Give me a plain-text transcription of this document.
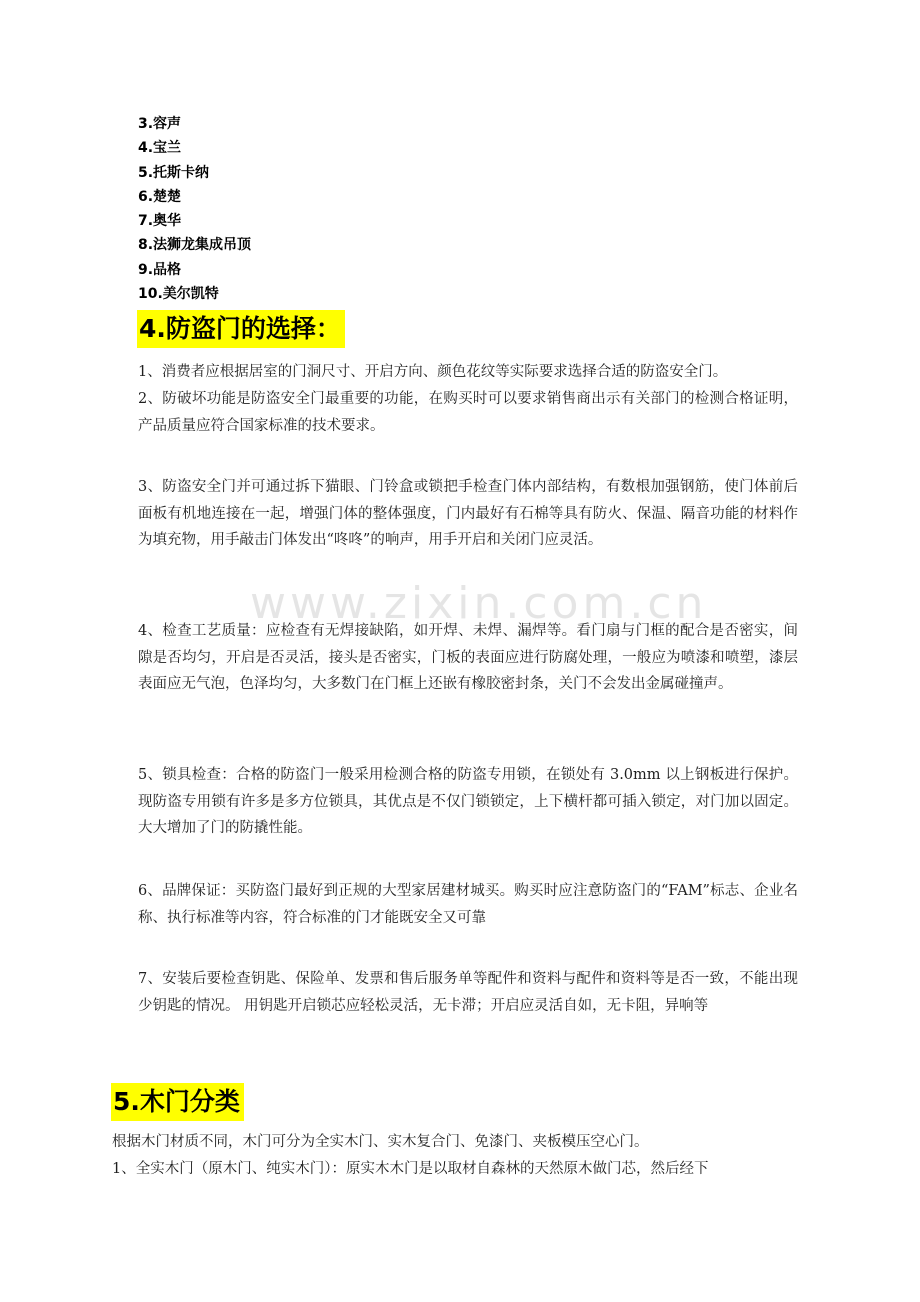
3.容声
4.宝兰
5.托斯卡纳
6.楚楚
7.奥华
8.法狮龙集成吊顶
9.品格
10.美尔凯特
4.防盗门的选择：
1、消费者应根据居室的门洞尺寸、开启方向、颜色花纹等实际要求选择合适的防盗安全门。
2、防破坏功能是防盗安全门最重要的功能，在购买时可以要求销售商出示有关部门的检测合格证明，产品质量应符合国家标准的技术要求。
3、防盗安全门并可通过拆下猫眼、门铃盒或锁把手检查门体内部结构，有数根加强钢筋，使门体前后面板有机地连接在一起，增强门体的整体强度，门内最好有石棉等具有防火、保温、隔音功能的材料作为填充物，用手敲击门体发出“咚咚”的响声，用手开启和关闭门应灵活。
4、检查工艺质量：应检查有无焊接缺陷，如开焊、未焊、漏焊等。看门扇与门框的配合是否密实，间隙是否均匀，开启是否灵活，接头是否密实，门板的表面应进行防腐处理，一般应为喷漆和喷塑，漆层表面应无气泡，色泽均匀，大多数门在门框上还嵌有橡胶密封条，关门不会发出金属碰撞声。
5、锁具检查：合格的防盗门一般采用检测合格的防盗专用锁，在锁处有 3.0mm 以上钢板进行保护。现防盗专用锁有许多是多方位锁具，其优点是不仅门锁锁定，上下横杆都可插入锁定，对门加以固定。大大增加了门的防撬性能。
6、品牌保证：买防盗门最好到正规的大型家居建材城买。购买时应注意防盗门的“FAM”标志、企业名称、执行标准等内容，符合标准的门才能既安全又可靠
7、安装后要检查钥匙、保险单、发票和售后服务单等配件和资料与配件和资料等是否一致，不能出现少钥匙的情况。 用钥匙开启锁芯应轻松灵活，无卡滞；开启应灵活自如，无卡阻，异响等
5.木门分类
根据木门材质不同，木门可分为全实木门、实木复合门、免漆门、夹板模压空心门。
1、全实木门（原木门、纯实木门）：原实木木门是以取材自森林的天然原木做门芯，然后经下
www.zixin.com.cn
